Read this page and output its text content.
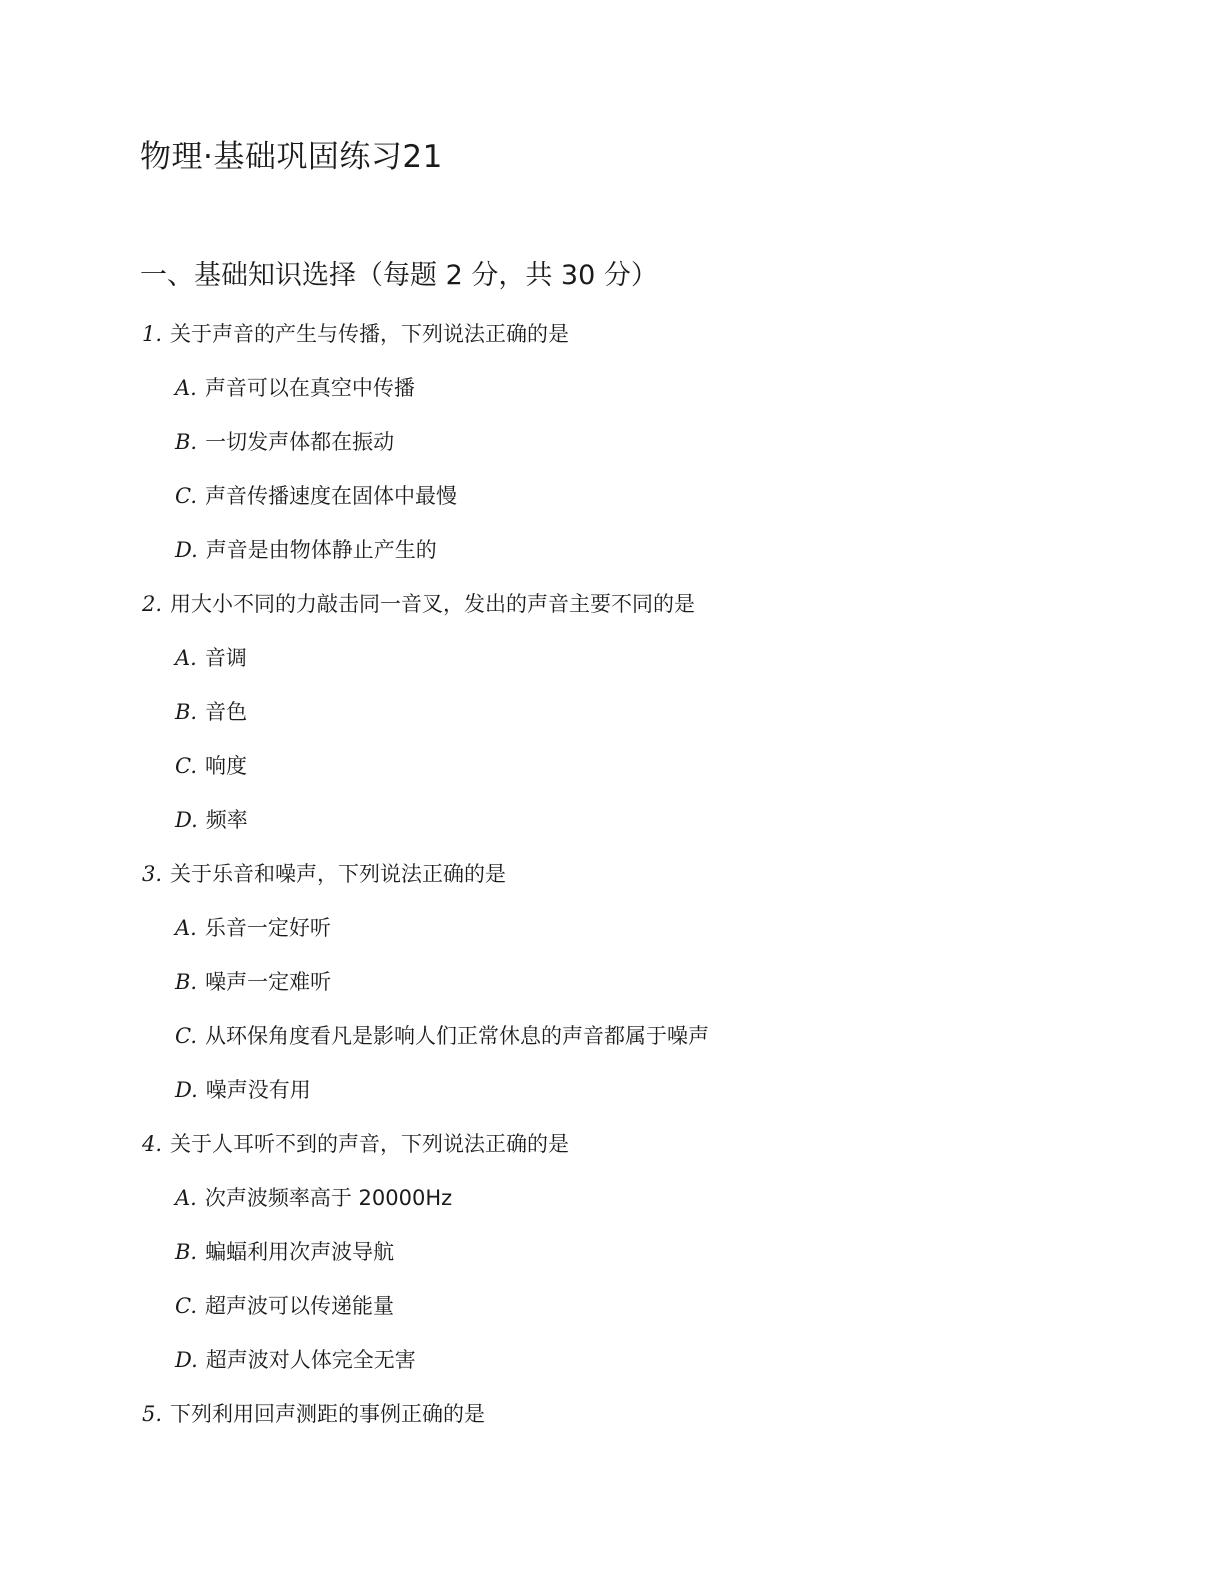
物理·基础巩固练习21
一、基础知识选择（每题 2 分，共 30 分）
1. 关于声音的产生与传播，下列说法正确的是
A. 声音可以在真空中传播
B. 一切发声体都在振动
C. 声音传播速度在固体中最慢
D. 声音是由物体静止产生的
2. 用大小不同的力敲击同一音叉，发出的声音主要不同的是
A. 音调
B. 音色
C. 响度
D. 频率
3. 关于乐音和噪声，下列说法正确的是
A. 乐音一定好听
B. 噪声一定难听
C. 从环保角度看凡是影响人们正常休息的声音都属于噪声
D. 噪声没有用
4. 关于人耳听不到的声音，下列说法正确的是
A. 次声波频率高于 20000Hz
B. 蝙蝠利用次声波导航
C. 超声波可以传递能量
D. 超声波对人体完全无害
5. 下列利用回声测距的事例正确的是
